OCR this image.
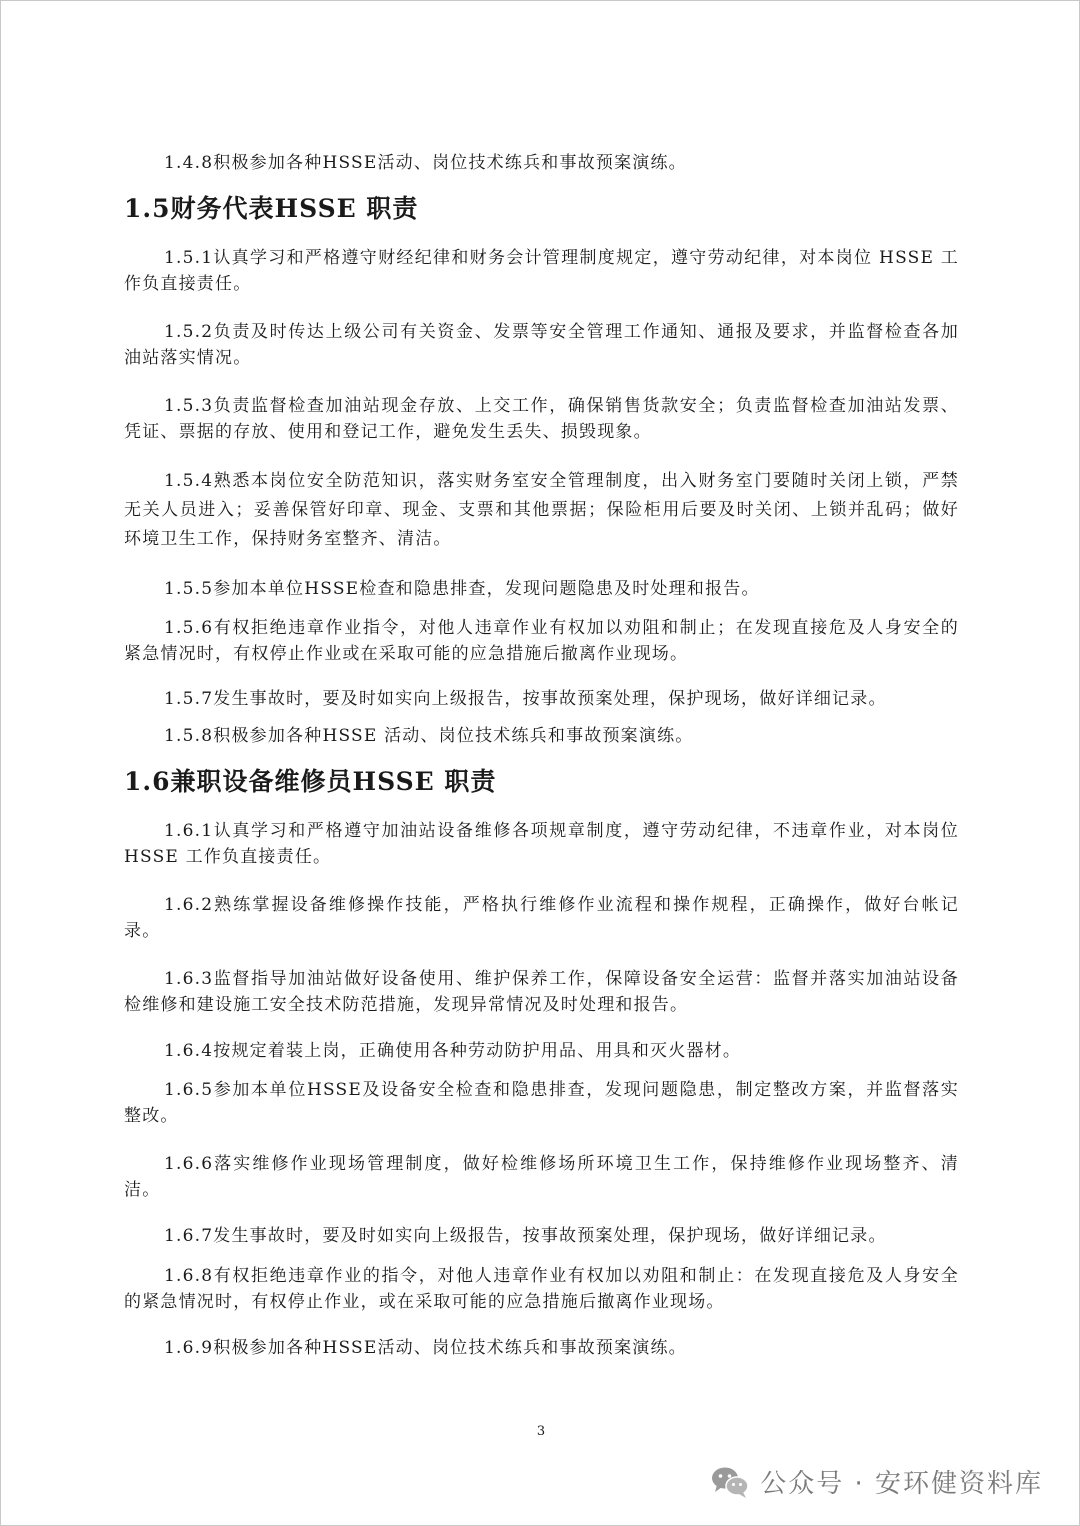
1.4.8积极参加各种HSSE活动、岗位技术练兵和事故预案演练。

1.5财务代表HSSE 职责

1.5.1认真学习和严格遵守财经纪律和财务会计管理制度规定，遵守劳动纪律，对本岗位 HSSE 工作负直接责任。

1.5.2负责及时传达上级公司有关资金、发票等安全管理工作通知、通报及要求，并监督检查各加油站落实情况。

1.5.3负责监督检查加油站现金存放、上交工作，确保销售货款安全；负责监督检查加油站发票、凭证、票据的存放、使用和登记工作，避免发生丢失、损毁现象。

1.5.4熟悉本岗位安全防范知识，落实财务室安全管理制度，出入财务室门要随时关闭上锁，严禁无关人员进入；妥善保管好印章、现金、支票和其他票据；保险柜用后要及时关闭、上锁并乱码；做好环境卫生工作，保持财务室整齐、清洁。

1.5.5参加本单位HSSE检查和隐患排查，发现问题隐患及时处理和报告。

1.5.6有权拒绝违章作业指令，对他人违章作业有权加以劝阻和制止；在发现直接危及人身安全的紧急情况时，有权停止作业或在采取可能的应急措施后撤离作业现场。

1.5.7发生事故时，要及时如实向上级报告，按事故预案处理，保护现场，做好详细记录。

1.5.8积极参加各种HSSE 活动、岗位技术练兵和事故预案演练。

1.6兼职设备维修员HSSE 职责

1.6.1认真学习和严格遵守加油站设备维修各项规章制度，遵守劳动纪律，不违章作业，对本岗位HSSE 工作负直接责任。

1.6.2熟练掌握设备维修操作技能，严格执行维修作业流程和操作规程，正确操作，做好台帐记录。

1.6.3监督指导加油站做好设备使用、维护保养工作，保障设备安全运营：监督并落实加油站设备检维修和建设施工安全技术防范措施，发现异常情况及时处理和报告。

1.6.4按规定着装上岗，正确使用各种劳动防护用品、用具和灭火器材。

1.6.5参加本单位HSSE及设备安全检查和隐患排查，发现问题隐患，制定整改方案，并监督落实整改。

1.6.6落实维修作业现场管理制度，做好检维修场所环境卫生工作，保持维修作业现场整齐、清洁。

1.6.7发生事故时，要及时如实向上级报告，按事故预案处理，保护现场，做好详细记录。

1.6.8有权拒绝违章作业的指令，对他人违章作业有权加以劝阻和制止：在发现直接危及人身安全的紧急情况时，有权停止作业，或在采取可能的应急措施后撤离作业现场。

1.6.9积极参加各种HSSE活动、岗位技术练兵和事故预案演练。

3
公众号 · 安环健资料库
